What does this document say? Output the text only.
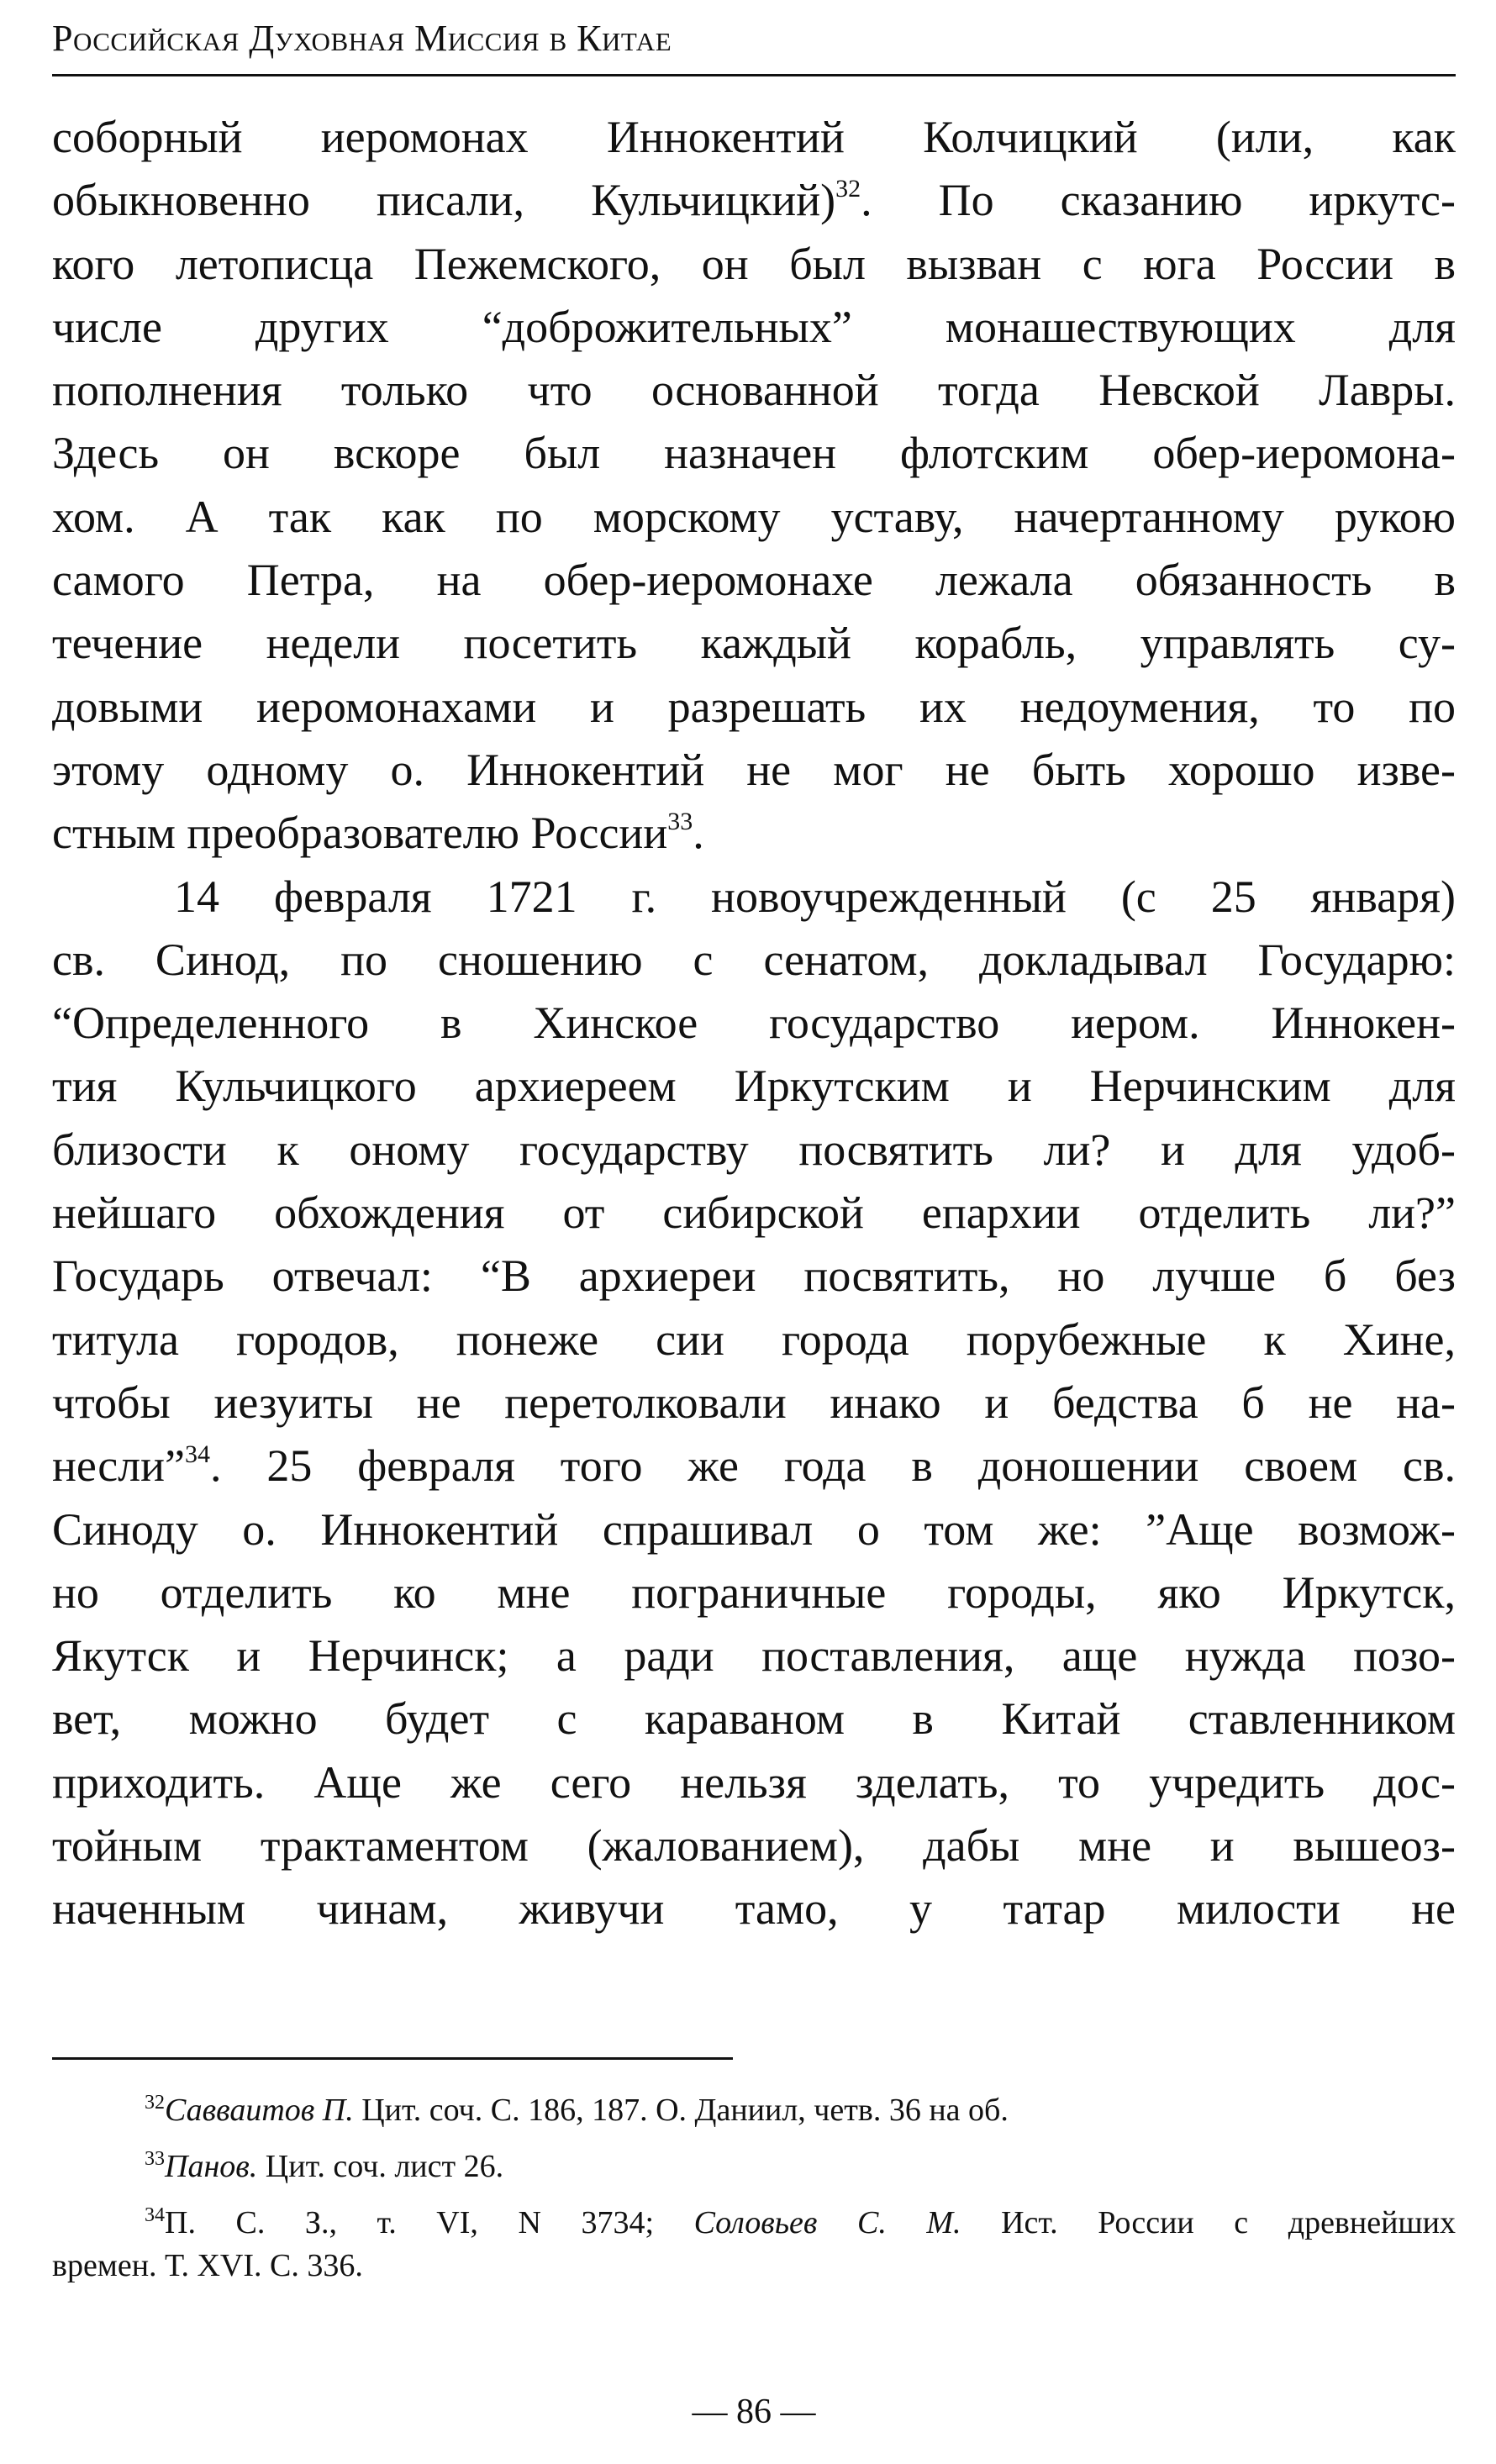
Российская Духовная Миссия в Китае
соборный иеромонах Иннокентий Колчицкий (или, как
обыкновенно писали, Кульчицкий)$^{32}$. По сказанию иркутс-
кого летописца Пежемского, он был вызван с юга России в
числе других “доброжительных” монашествующих для
пополнения только что основанной тогда Невской Лавры.
Здесь он вскоре был назначен флотским обер-иеромона-
хом. А так как по морскому уставу, начертанному рукою
самого Петра, на обер-иеромонахе лежала обязанность в
течение недели посетить каждый корабль, управлять су-
довыми иеромонахами и разрешать их недоумения, то по
этому одному о. Иннокентий не мог не быть хорошо изве-
стным преобразователю России$^{33}$.
14 февраля 1721 г. новоучрежденный (с 25 января)
св. Синод, по сношению с сенатом, докладывал Государю:
“Определенного в Хинское государство иером. Иннокен-
тия Кульчицкого архиереем Иркутским и Нерчинским для
близости к оному государству посвятить ли? и для удоб-
нейшаго обхождения от сибирской епархии отделить ли?”
Государь отвечал: “В архиереи посвятить, но лучше б без
титула городов, понеже сии города порубежные к Хине,
чтобы иезуиты не перетолковали инако и бедства б не на-
несли”$^{34}$. 25 февраля того же года в доношении своем св.
Синоду о. Иннокентий спрашивал о том же: ”Аще возмож-
но отделить ко мне пограничные городы, яко Иркутск,
Якутск и Нерчинск; а ради поставления, аще нужда позо-
вет, можно будет с караваном в Китай ставленником
приходить. Аще же сего нельзя зделать, то учредить дос-
тойным трактаментом (жалованием), дабы мне и вышеоз-
наченным чинам, живучи тамо, у татар милости не
$^{32}$Савваитов П. Цит. соч. С. 186, 187. О. Даниил, четв. 36 на об.
$^{33}$Панов. Цит. соч. лист 26.
$^{34}$П. С. З., т. VI, N 3734; Соловьев С. М. Ист. России с древнейших
времен. Т. XVI. С. 336.
— 86 —
